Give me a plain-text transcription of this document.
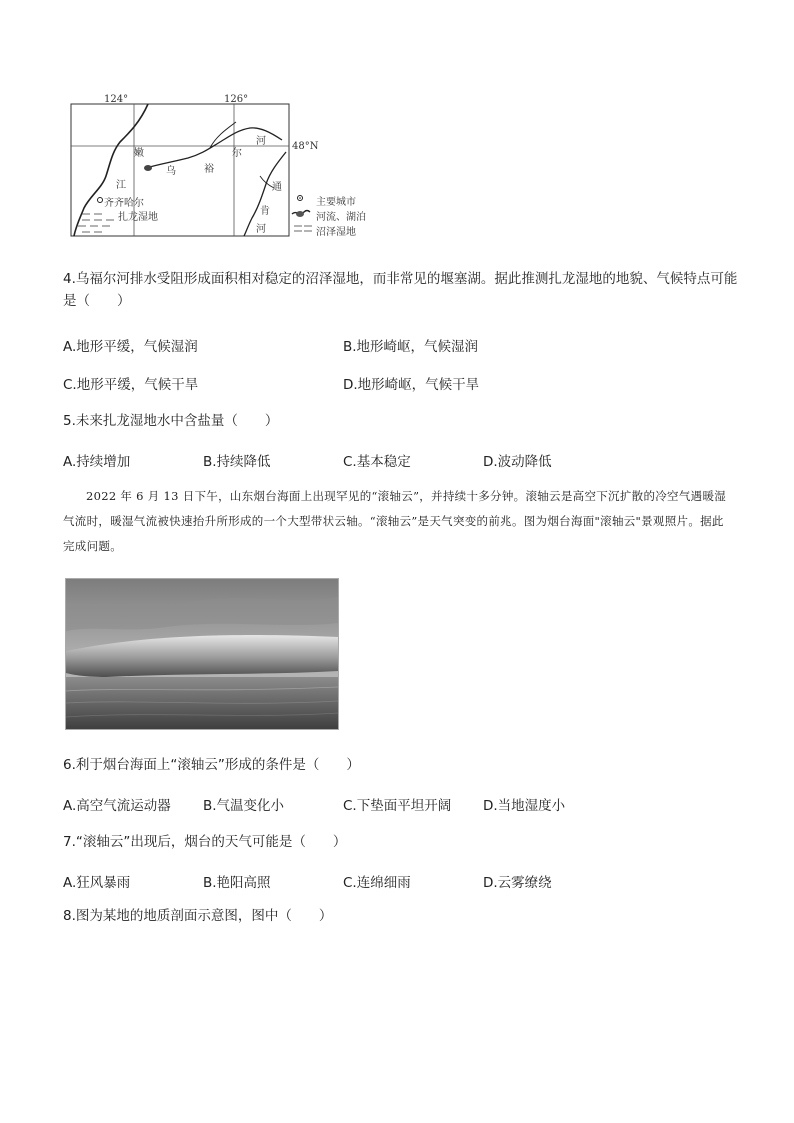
124°	126°
48°N
嫩
江
乌	裕
尔
河
通
肯
河
齐齐哈尔
扎龙湿地
主要城市
河流、湖泊
沼泽湿地
4.乌福尔河排水受阻形成面积相对稳定的沼泽湿地，而非常见的堰塞湖。据此推测扎龙湿地的地貌、气候特点可能是（　　）
A.地形平缓，气候湿润	B.地形崎岖，气候湿润
C.地形平缓，气候干旱	D.地形崎岖，气候干旱
5.未来扎龙湿地水中含盐量（　　）
A.持续增加	B.持续降低	C.基本稳定	D.波动降低
2022 年 6 月 13 日下午，山东烟台海面上出现罕见的“滚轴云”，并持续十多分钟。滚轴云是高空下沉扩散的冷空气遇暖湿气流时，暖湿气流被快速抬升所形成的一个大型带状云轴。“滚轴云”是天气突变的前兆。图为烟台海面"滚轴云"景观照片。据此完成问题。
6.利于烟台海面上“滚轴云”形成的条件是（　　）
A.高空气流运动器 B.气温变化小	C.下垫面平坦开阔 D.当地湿度小
7.“滚轴云”出现后，烟台的天气可能是（　　）
A.狂风暴雨	B.艳阳高照	C.连绵细雨	D.云雾缭绕
8.图为某地的地质剖面示意图，图中（　　）
